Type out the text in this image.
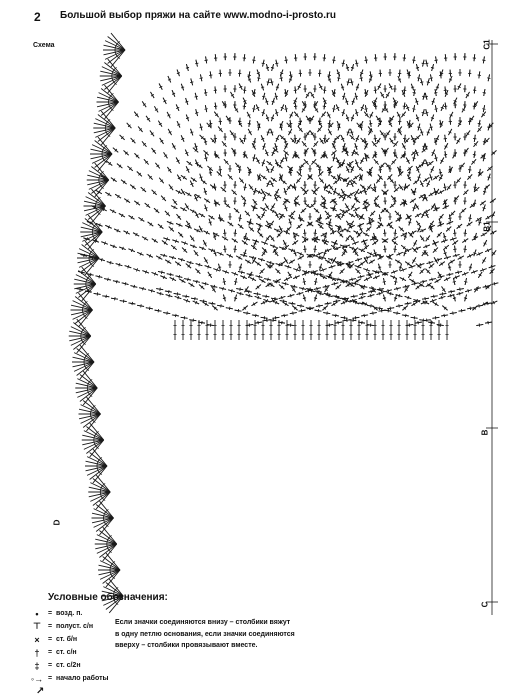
2 Большой выбор пряжи на сайте www.modno-i-prosto.ru
Схема	C1
B1
B
C
D
Условные обозначения:
•	= возд. п.
⊤ = полуст. с/н
×	= ст. б/н
†	= ст. с/н
‡	= ст. с/2н
◦→ = начало работы
Если значки соединяются внизу – столбики вяжут
в одну петлю основания, если значки соединяются
вверху – столбики провязывают вместе.
↗
